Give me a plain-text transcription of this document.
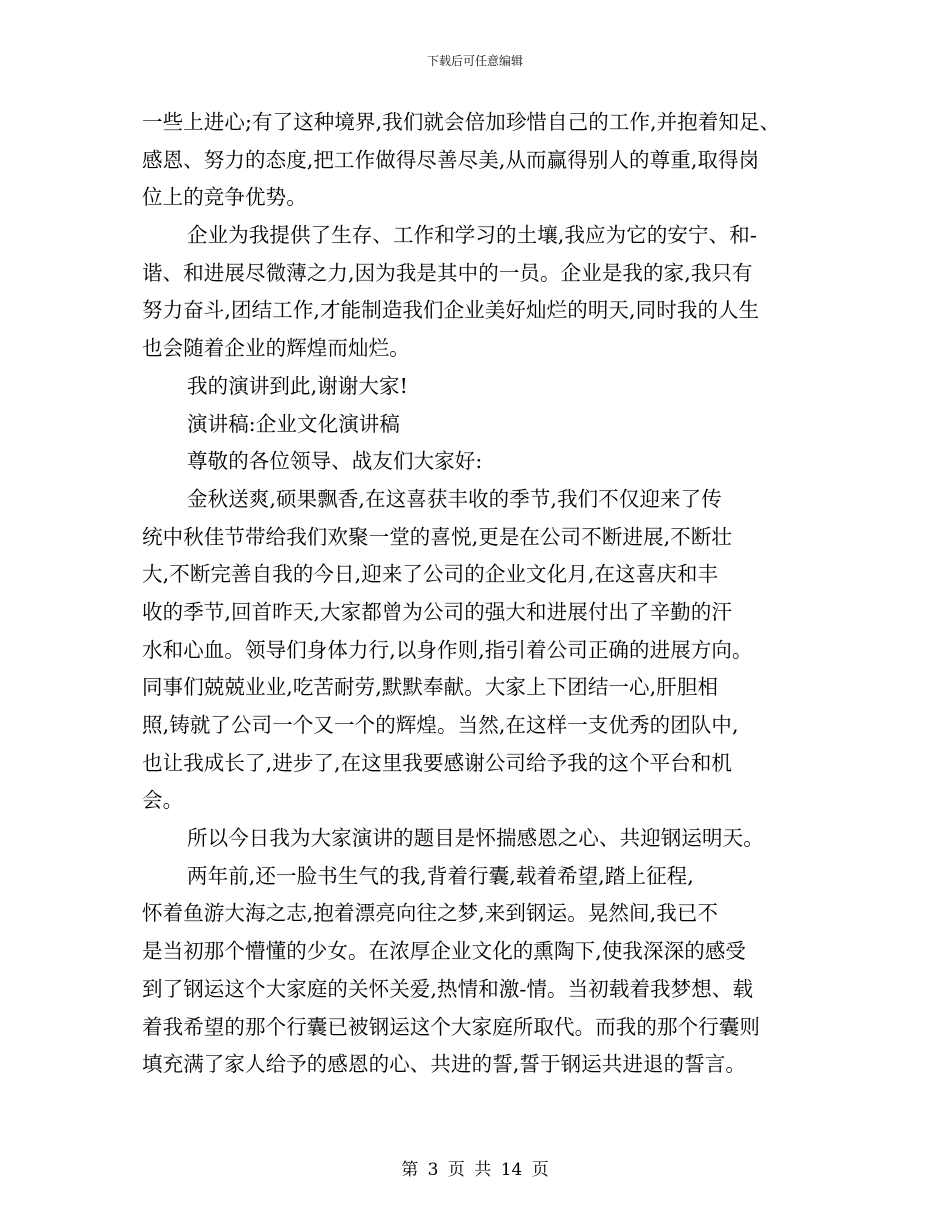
下载后可任意编辑
一些上进心;有了这种境界,我们就会倍加珍惜自己的工作,并抱着知足、
感恩、努力的态度,把工作做得尽善尽美,从而赢得别人的尊重,取得岗
位上的竞争优势。
企业为我提供了生存、工作和学习的土壤,我应为它的安宁、和-
谐、和进展尽微薄之力,因为我是其中的一员。企业是我的家,我只有
努力奋斗,团结工作,才能制造我们企业美好灿烂的明天,同时我的人生
也会随着企业的辉煌而灿烂。
我的演讲到此,谢谢大家!
演讲稿:企业文化演讲稿
尊敬的各位领导、战友们大家好:
金秋送爽,硕果飘香,在这喜获丰收的季节,我们不仅迎来了传
统中秋佳节带给我们欢聚一堂的喜悦,更是在公司不断进展,不断壮
大,不断完善自我的今日,迎来了公司的企业文化月,在这喜庆和丰
收的季节,回首昨天,大家都曾为公司的强大和进展付出了辛勤的汗
水和心血。领导们身体力行,以身作则,指引着公司正确的进展方向。
同事们兢兢业业,吃苦耐劳,默默奉献。大家上下团结一心,肝胆相
照,铸就了公司一个又一个的辉煌。当然,在这样一支优秀的团队中,
也让我成长了,进步了,在这里我要感谢公司给予我的这个平台和机
会。
所以今日我为大家演讲的题目是怀揣感恩之心、共迎钢运明天。
两年前,还一脸书生气的我,背着行囊,载着希望,踏上征程,
怀着鱼游大海之志,抱着漂亮向往之梦,来到钢运。晃然间,我已不
是当初那个懵懂的少女。在浓厚企业文化的熏陶下,使我深深的感受
到了钢运这个大家庭的关怀关爱,热情和激-情。当初载着我梦想、载
着我希望的那个行囊已被钢运这个大家庭所取代。而我的那个行囊则
填充满了家人给予的感恩的心、共进的誓,誓于钢运共进退的誓言。
第 3 页 共 14 页
